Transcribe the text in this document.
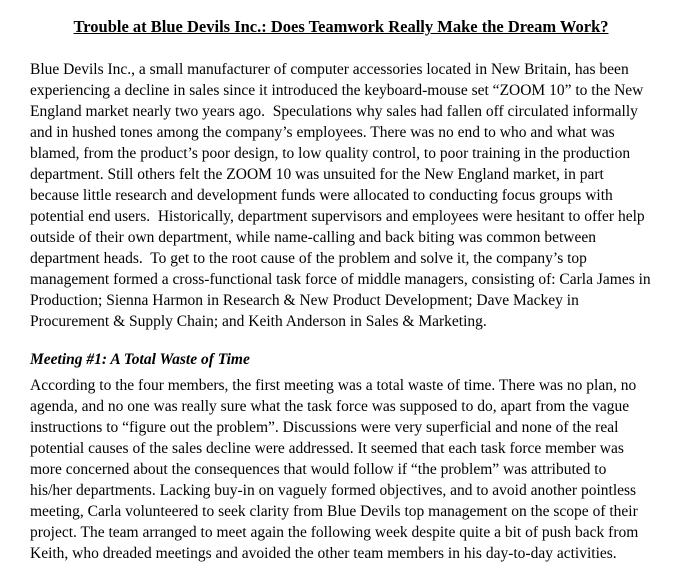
Trouble at Blue Devils Inc.: Does Teamwork Really Make the Dream Work?

Blue Devils Inc., a small manufacturer of computer accessories located in New Britain, has been experiencing a decline in sales since it introduced the keyboard-mouse set “ZOOM 10” to the New England market nearly two years ago.  Speculations why sales had fallen off circulated informally and in hushed tones among the company’s employees. There was no end to who and what was blamed, from the product’s poor design, to low quality control, to poor training in the production department. Still others felt the ZOOM 10 was unsuited for the New England market, in part because little research and development funds were allocated to conducting focus groups with potential end users.  Historically, department supervisors and employees were hesitant to offer help outside of their own department, while name-calling and back biting was common between department heads.  To get to the root cause of the problem and solve it, the company’s top management formed a cross-functional task force of middle managers, consisting of: Carla James in Production; Sienna Harmon in Research & New Product Development; Dave Mackey in Procurement & Supply Chain; and Keith Anderson in Sales & Marketing.

Meeting #1: A Total Waste of Time

According to the four members, the first meeting was a total waste of time. There was no plan, no agenda, and no one was really sure what the task force was supposed to do, apart from the vague instructions to “figure out the problem”. Discussions were very superficial and none of the real potential causes of the sales decline were addressed. It seemed that each task force member was more concerned about the consequences that would follow if “the problem” was attributed to his/her departments. Lacking buy-in on vaguely formed objectives, and to avoid another pointless meeting, Carla volunteered to seek clarity from Blue Devils top management on the scope of their project. The team arranged to meet again the following week despite quite a bit of push back from Keith, who dreaded meetings and avoided the other team members in his day-to-day activities.
